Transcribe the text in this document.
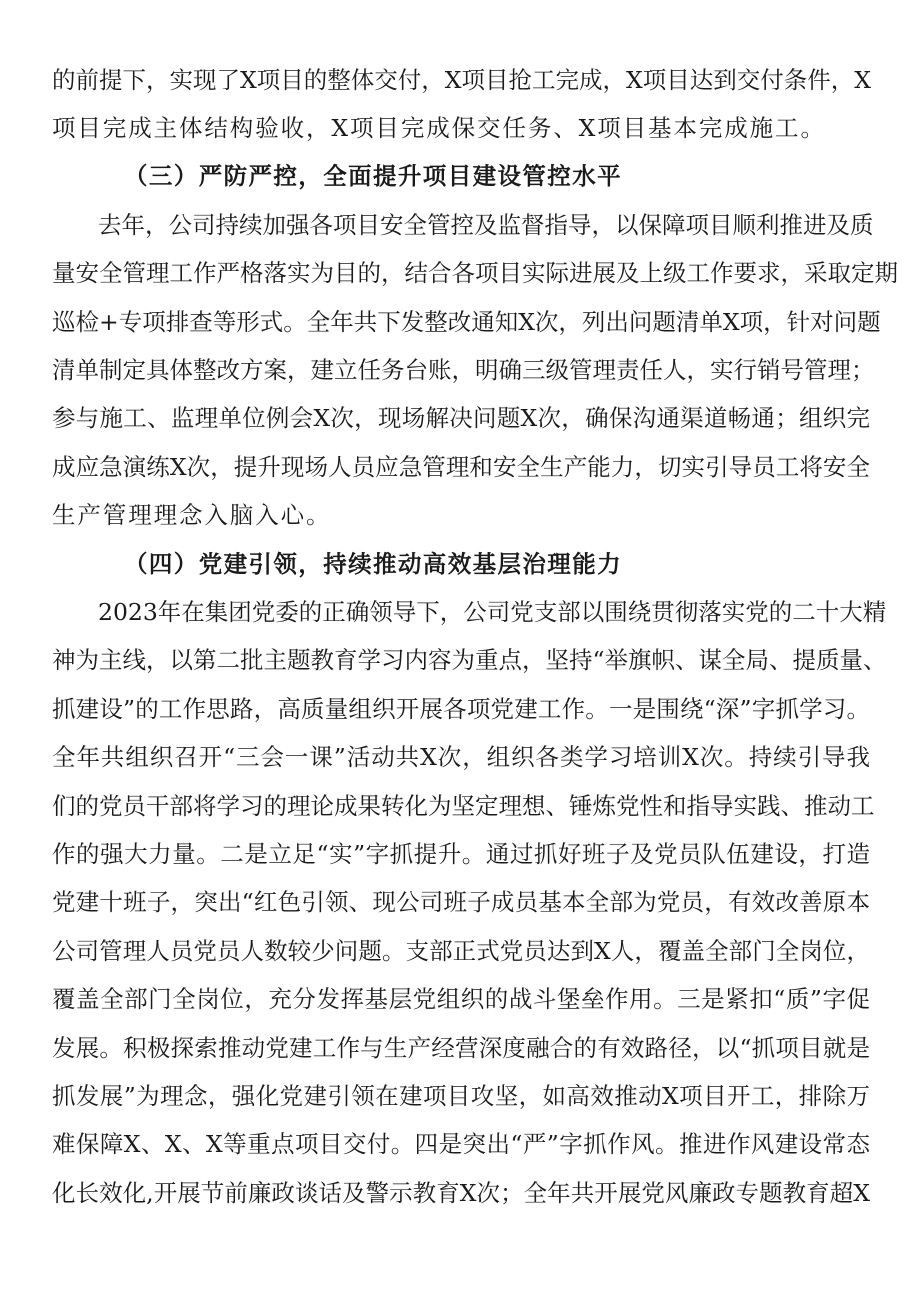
的前提下，实现了X项目的整体交付，X项目抢工完成，X项目达到交付条件，X
项目完成主体结构验收，X项目完成保交任务、X项目基本完成施工。
（三）严防严控，全面提升项目建设管控水平
去年，公司持续加强各项目安全管控及监督指导，以保障项目顺利推进及质
量安全管理工作严格落实为目的，结合各项目实际进展及上级工作要求，采取定期
巡检+专项排查等形式。全年共下发整改通知X次，列出问题清单X项，针对问题
清单制定具体整改方案，建立任务台账，明确三级管理责任人，实行销号管理；
参与施工、监理单位例会X次，现场解决问题X次，确保沟通渠道畅通；组织完
成应急演练X次，提升现场人员应急管理和安全生产能力，切实引导员工将安全
生产管理理念入脑入心。
（四）党建引领，持续推动高效基层治理能力
2023年在集团党委的正确领导下，公司党支部以围绕贯彻落实党的二十大精
神为主线，以第二批主题教育学习内容为重点，坚持“举旗帜、谋全局、提质量、
抓建设”的工作思路，高质量组织开展各项党建工作。一是围绕“深”字抓学习。
全年共组织召开“三会一课”活动共X次，组织各类学习培训X次。持续引导我
们的党员干部将学习的理论成果转化为坚定理想、锤炼党性和指导实践、推动工
作的强大力量。二是立足“实”字抓提升。通过抓好班子及党员队伍建设，打造
党建十班子，突出“红色引领、现公司班子成员基本全部为党员，有效改善原本
公司管理人员党员人数较少问题。支部正式党员达到X人，覆盖全部门全岗位，
覆盖全部门全岗位，充分发挥基层党组织的战斗堡垒作用。三是紧扣“质”字促
发展。积极探索推动党建工作与生产经营深度融合的有效路径，以“抓项目就是
抓发展”为理念，强化党建引领在建项目攻坚，如高效推动X项目开工，排除万
难保障X、X、X等重点项目交付。四是突出“严”字抓作风。推进作风建设常态
化长效化,开展节前廉政谈话及警示教育X次；全年共开展党风廉政专题教育超X
